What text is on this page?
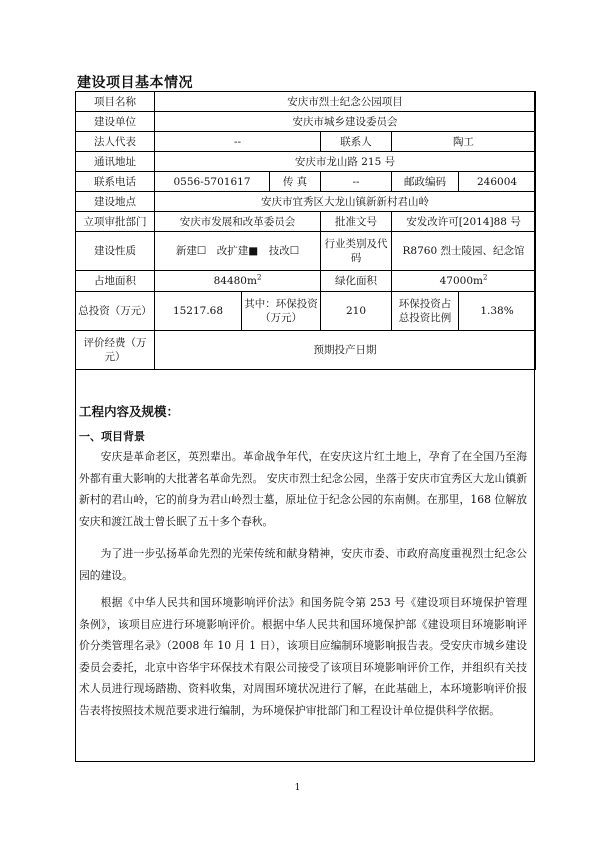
建设项目基本情况
项目名称	安庆市烈士纪念公园项目					
建设单位	安庆市城乡建设委员会					
法人代表	--			联系人	陶工	
通讯地址	安庆市龙山路 215 号					
联系电话	0556-5701617		传 真	--	邮政编码	246004
建设地点	安庆市宜秀区大龙山镇新新村君山岭					
立项审批部门	安庆市发展和改革委员会			批准文号	安发改许可[2014]88 号	
建设性质	新建☐　改扩建■　技改☐			行业类别及代码	R8760 烈士陵园、纪念馆	
占地面积	$84480m^2$			绿化面积	$47000m^2$
总投资（万元）	15217.68	其中：环保投资（万元）		210	环保投资占总投资比例	1.38%
评价经费（万元）	预期投产日期					
工程内容及规模：
一、项目背景

安庆是革命老区，英烈辈出。革命战争年代，在安庆这片红土地上，孕育了在全国乃至海外都有重大影响的大批著名革命先烈。 安庆市烈士纪念公园，坐落于安庆市宜秀区大龙山镇新新村的君山岭，它的前身为君山岭烈士墓，原址位于纪念公园的东南侧。在那里，168 位解放安庆和渡江战士曾长眠了五十多个春秋。

为了进一步弘扬革命先烈的光荣传统和献身精神，安庆市委、市政府高度重视烈士纪念公园的建设。

根据《中华人民共和国环境影响评价法》和国务院令第 253 号《建设项目环境保护管理条例》，该项目应进行环境影响评价。根据中华人民共和国环境保护部《建设项目环境影响评价分类管理名录》（2008 年 10 月 1 日），该项目应编制环境影响报告表。受安庆市城乡建设委员会委托，北京中咨华宇环保技术有限公司接受了该项目环境影响评价工作，并组织有关技术人员进行现场踏勘、资料收集，对周围环境状况进行了解，在此基础上，本环境影响评价报告表将按照技术规范要求进行编制，为环境保护审批部门和工程设计单位提供科学依据。

1
